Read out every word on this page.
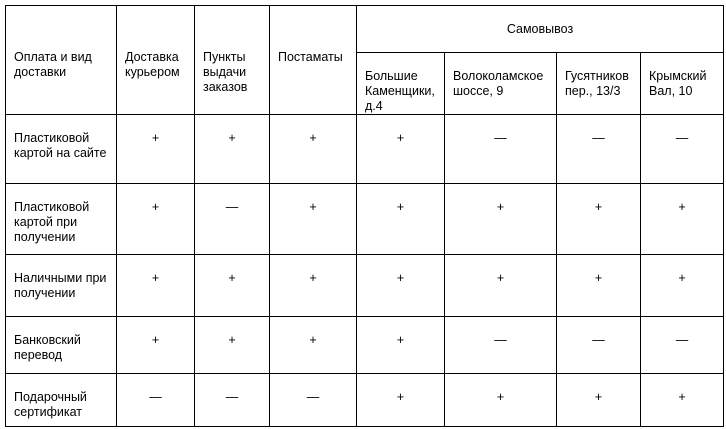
Оплата и вид доставки	Доставка курьером	Пункты выдачи заказов	Постаматы	Самовывоз			
				Большие Каменщики, д.4	Волоколамское шоссе, 9	Гусятников пер., 13/3	Крымский Вал, 10
Пластиковой картой на сайте	+	+	+	+	—	—	—
Пластиковой картой при получении	+	—	+	+	+	+	+
Наличными при получении	+	+	+	+	+	+	+
Банковский перевод	+	+	+	+	—	—	—
Подарочный сертификат	—	—	—	+	+	+	+
